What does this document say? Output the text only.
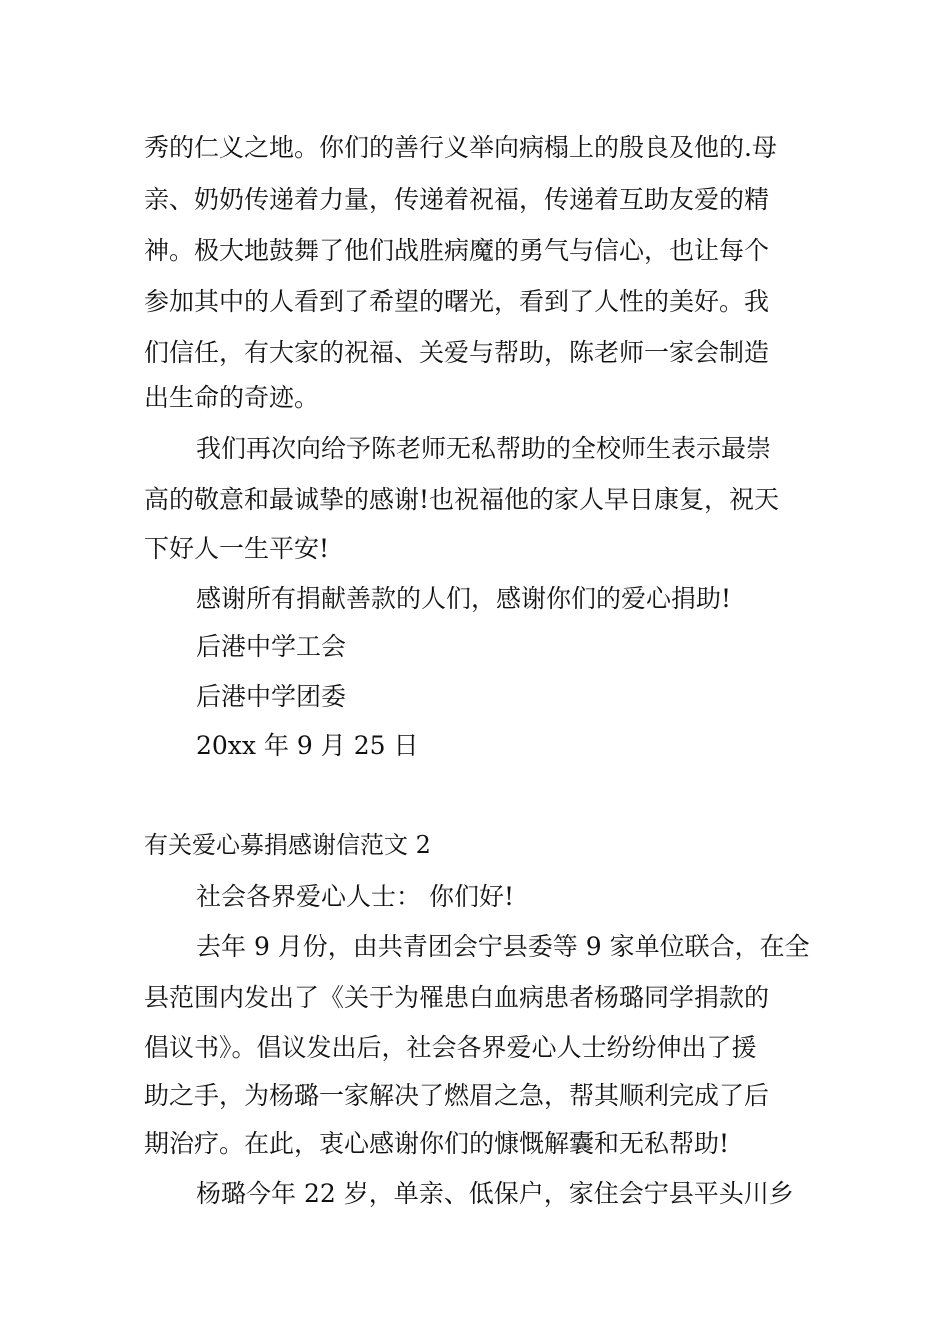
秀的仁义之地。你们的善行义举向病榻上的殷良及他的.母
亲、奶奶传递着力量，传递着祝福，传递着互助友爱的精
神。极大地鼓舞了他们战胜病魔的勇气与信心，也让每个
参加其中的人看到了希望的曙光，看到了人性的美好。我
们信任，有大家的祝福、关爱与帮助，陈老师一家会制造
出生命的奇迹。
我们再次向给予陈老师无私帮助的全校师生表示最崇
高的敬意和最诚挚的感谢!也祝福他的家人早日康复，祝天
下好人一生平安!
感谢所有捐献善款的人们，感谢你们的爱心捐助!
后港中学工会
后港中学团委
20xx 年 9 月 25 日
有关爱心募捐感谢信范文 2
社会各界爱心人士： 你们好!
去年 9 月份，由共青团会宁县委等 9 家单位联合，在全
县范围内发出了《关于为罹患白血病患者杨璐同学捐款的
倡议书》。倡议发出后，社会各界爱心人士纷纷伸出了援
助之手，为杨璐一家解决了燃眉之急，帮其顺利完成了后
期治疗。在此，衷心感谢你们的慷慨解囊和无私帮助!
杨璐今年 22 岁，单亲、低保户，家住会宁县平头川乡
